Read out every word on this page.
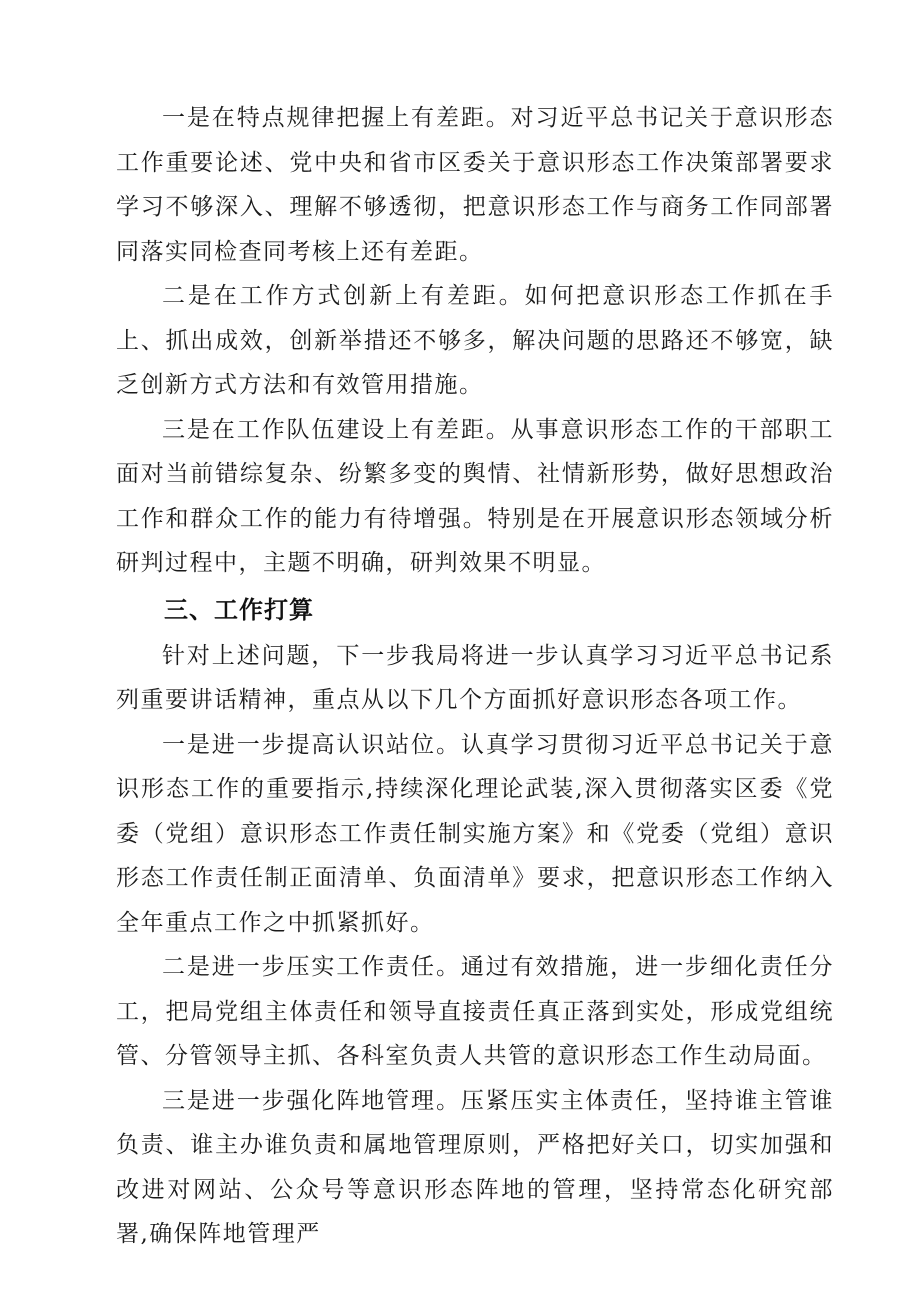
一是在特点规律把握上有差距。对习近平总书记关于意识形态工作重要论述、党中央和省市区委关于意识形态工作决策部署要求学习不够深入、理解不够透彻，把意识形态工作与商务工作同部署同落实同检查同考核上还有差距。

二是在工作方式创新上有差距。如何把意识形态工作抓在手上、抓出成效，创新举措还不够多，解决问题的思路还不够宽，缺乏创新方式方法和有效管用措施。

三是在工作队伍建设上有差距。从事意识形态工作的干部职工面对当前错综复杂、纷繁多变的舆情、社情新形势，做好思想政治工作和群众工作的能力有待增强。特别是在开展意识形态领域分析研判过程中，主题不明确，研判效果不明显。

三、工作打算

针对上述问题，下一步我局将进一步认真学习习近平总书记系列重要讲话精神，重点从以下几个方面抓好意识形态各项工作。

一是进一步提高认识站位。认真学习贯彻习近平总书记关于意识形态工作的重要指示,持续深化理论武装,深入贯彻落实区委《党委（党组）意识形态工作责任制实施方案》和《党委（党组）意识形态工作责任制正面清单、负面清单》要求，把意识形态工作纳入全年重点工作之中抓紧抓好。

二是进一步压实工作责任。通过有效措施，进一步细化责任分工，把局党组主体责任和领导直接责任真正落到实处，形成党组统管、分管领导主抓、各科室负责人共管的意识形态工作生动局面。

三是进一步强化阵地管理。压紧压实主体责任，坚持谁主管谁负责、谁主办谁负责和属地管理原则，严格把好关口，切实加强和改进对网站、公众号等意识形态阵地的管理，坚持常态化研究部署,确保阵地管理严
